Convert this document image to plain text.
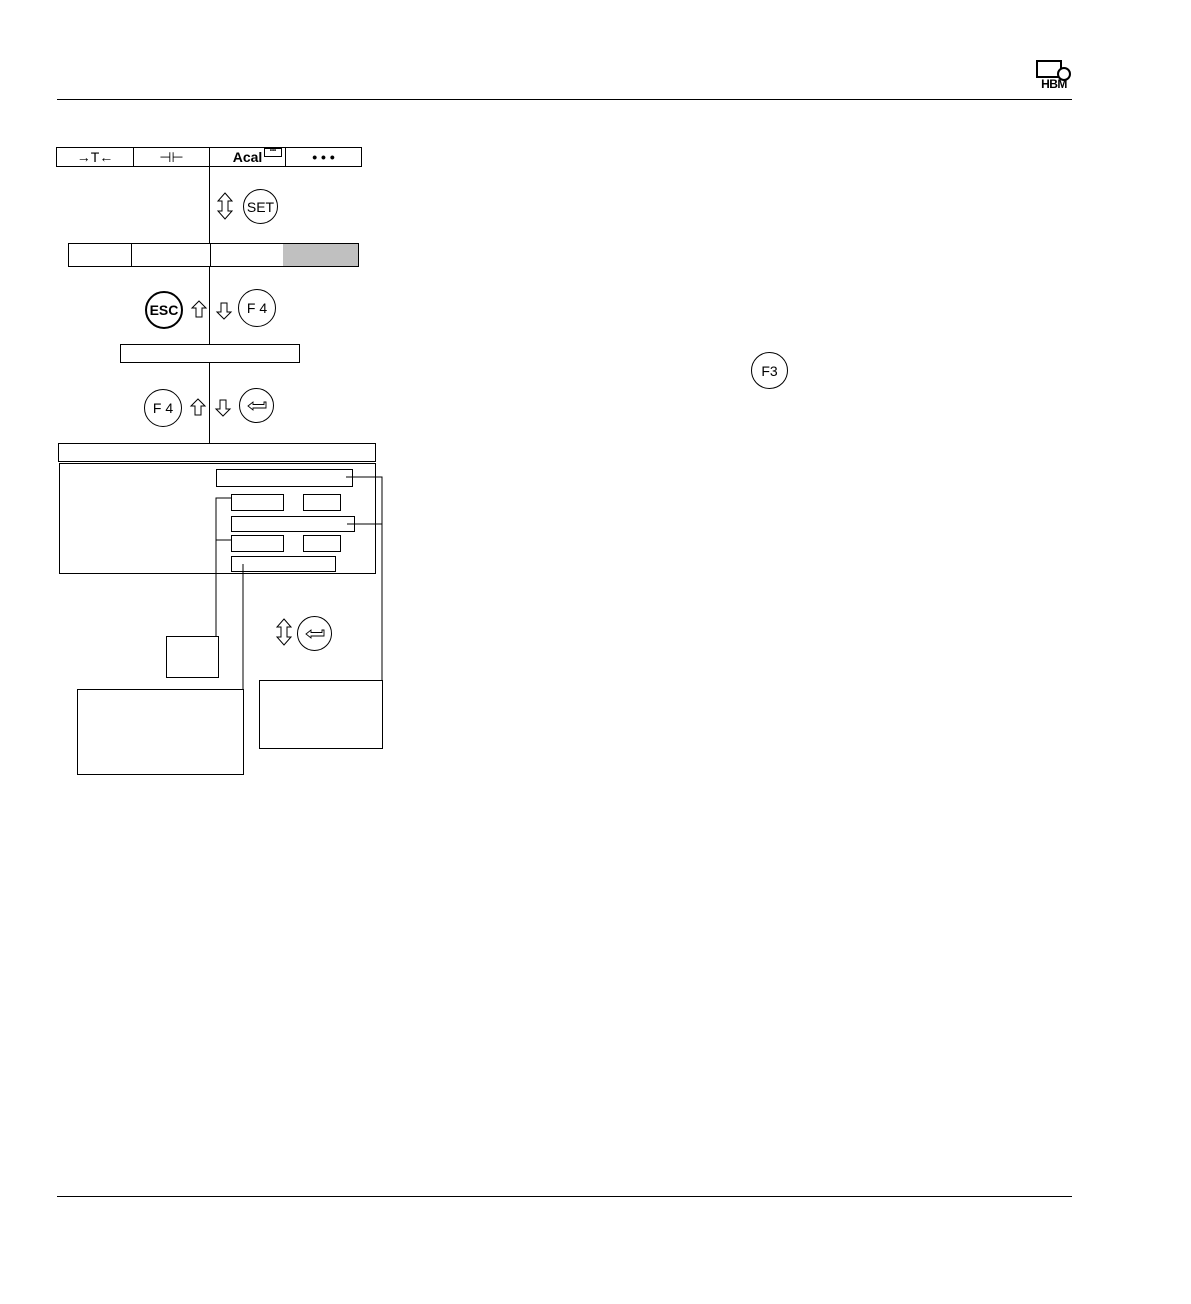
HBM
→T←	⊣⊢	Acal	•••	• • •
SET
ESC	F 4
F 4
F3
